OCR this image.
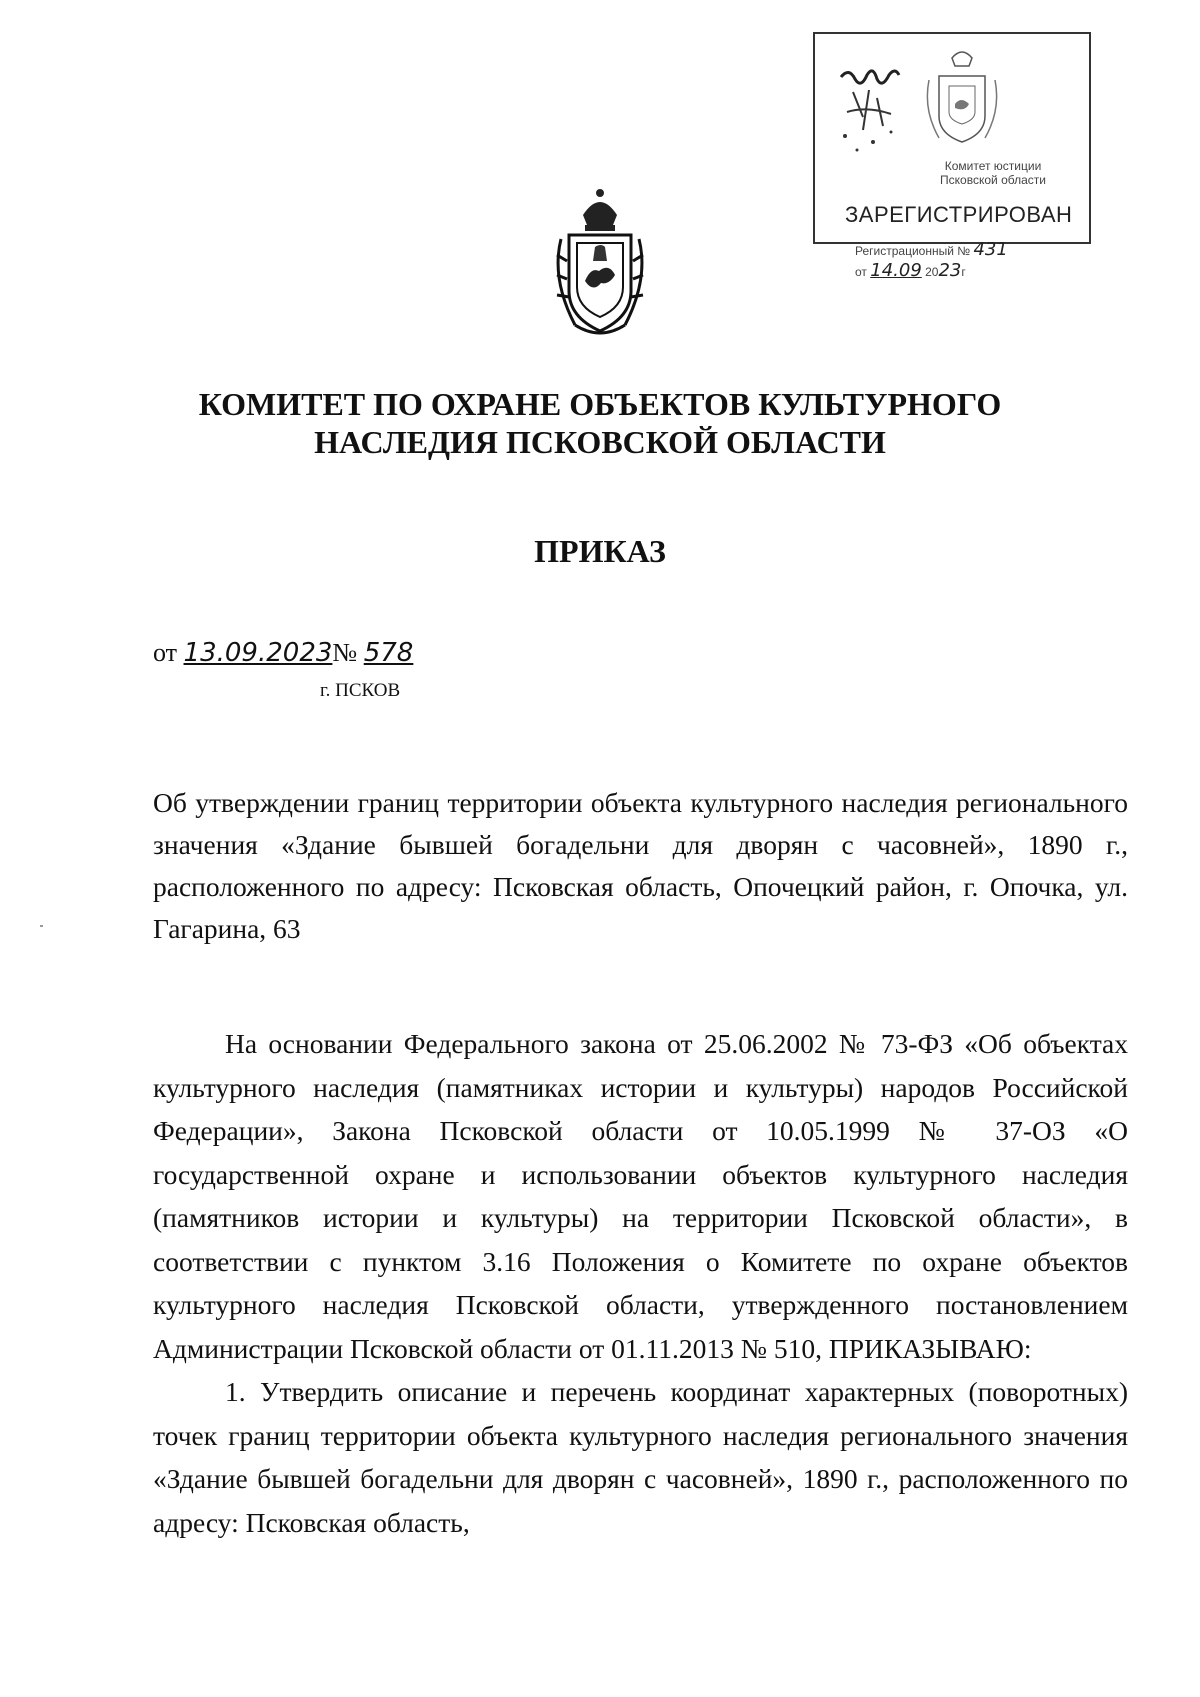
Комитет юстиции
Псковской области
ЗАРЕГИСТРИРОВАН
Регистрационный № 431
от 14.09 2023г
КОМИТЕТ ПО ОХРАНЕ ОБЪЕКТОВ КУЛЬТУРНОГО
НАСЛЕДИЯ ПСКОВСКОЙ ОБЛАСТИ
ПРИКАЗ
от 13.09.2023№ 578
г. ПСКОВ
Об утверждении границ территории объекта культурного наследия регионального значения «Здание бывшей богадельни для дворян с часовней», 1890 г., расположенного по адресу: Псковская область, Опочецкий район, г. Опочка, ул. Гагарина, 63

На основании Федерального закона от 25.06.2002 № 73-ФЗ «Об объектах культурного наследия (памятниках истории и культуры) народов Российской Федерации», Закона Псковской области от 10.05.1999 № 37-ОЗ «О государственной охране и использовании объектов культурного наследия (памятников истории и культуры) на территории Псковской области», в соответствии с пунктом 3.16 Положения о Комитете по охране объектов культурного наследия Псковской области, утвержденного постановлением Администрации Псковской области от 01.11.2013 № 510, ПРИКАЗЫВАЮ:

1. Утвердить описание и перечень координат характерных (поворотных) точек границ территории объекта культурного наследия регионального значения «Здание бывшей богадельни для дворян с часовней», 1890 г., расположенного по адресу: Псковская область,
